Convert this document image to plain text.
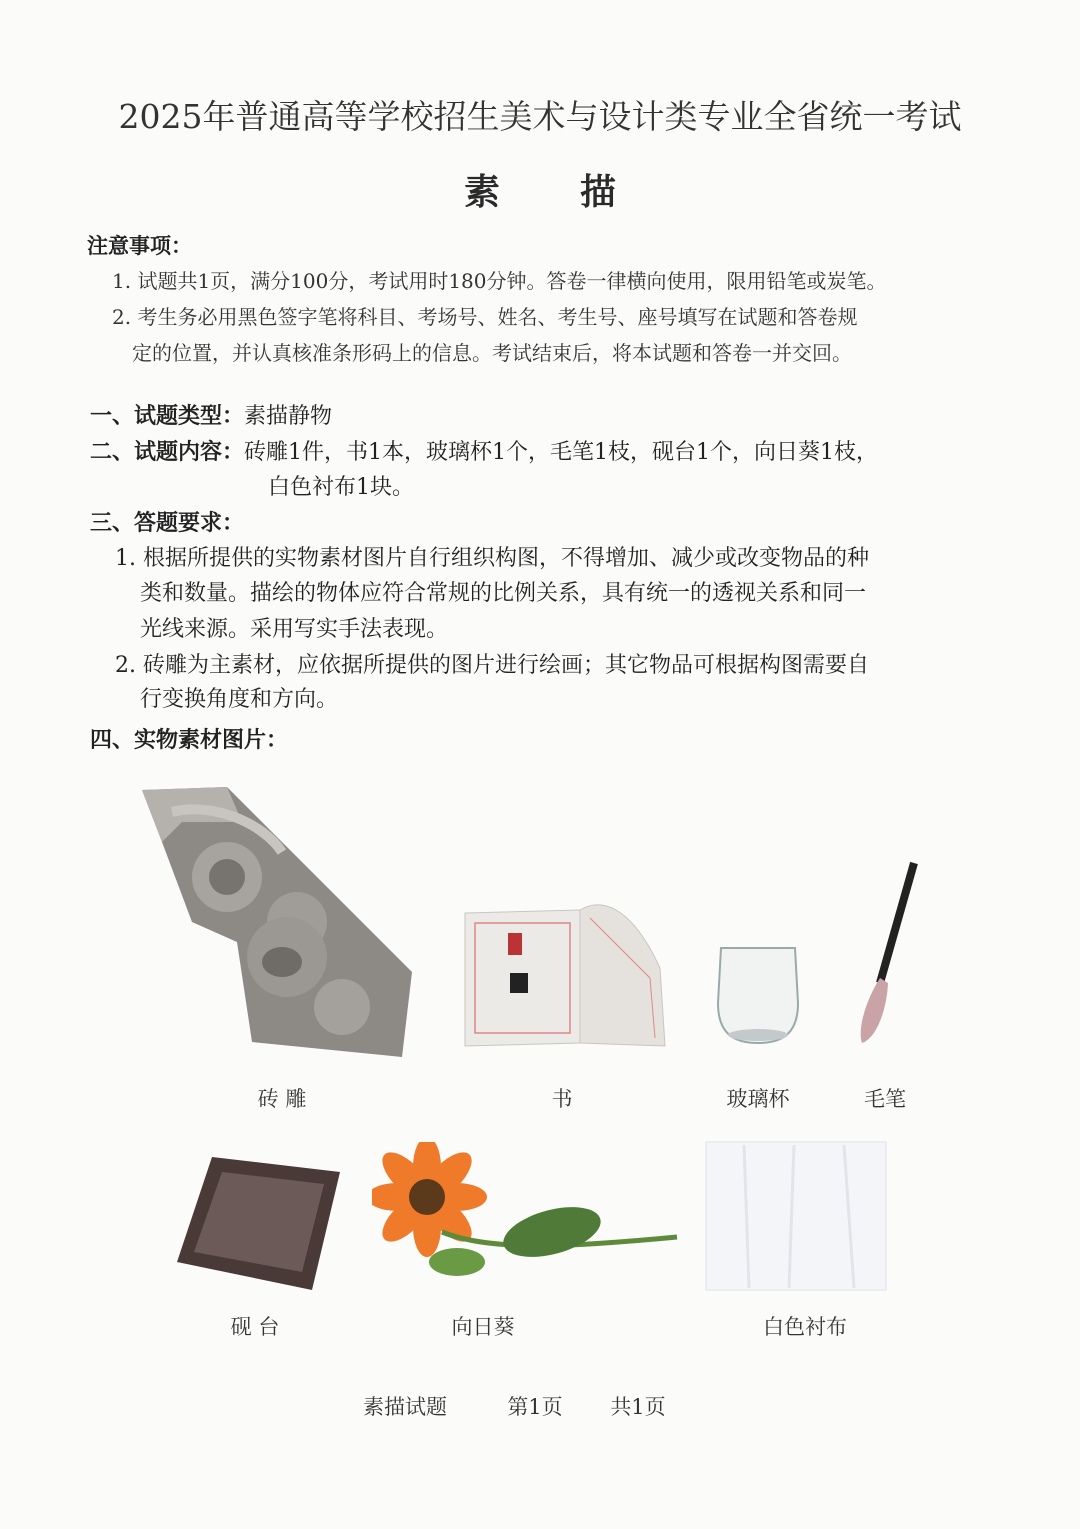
2025年普通高等学校招生美术与设计类专业全省统一考试
素描
注意事项：
1. 试题共1页，满分100分，考试用时180分钟。答卷一律横向使用，限用铅笔或炭笔。
2. 考生务必用黑色签字笔将科目、考场号、姓名、考生号、座号填写在试题和答卷规
定的位置，并认真核准条形码上的信息。考试结束后，将本试题和答卷一并交回。
一、试题类型：素描静物
二、试题内容：砖雕1件，书1本，玻璃杯1个，毛笔1枝，砚台1个，向日葵1枝，
白色衬布1块。
三、答题要求：
1. 根据所提供的实物素材图片自行组织构图，不得增加、减少或改变物品的种
类和数量。描绘的物体应符合常规的比例关系，具有统一的透视关系和同一
光线来源。采用写实手法表现。
2. 砖雕为主素材，应依据所提供的图片进行绘画；其它物品可根据构图需要自
行变换角度和方向。
四、实物素材图片：
砖 雕	书	玻璃杯	毛笔
砚 台	向日葵	白色衬布
素描试题	第1页 共1页
